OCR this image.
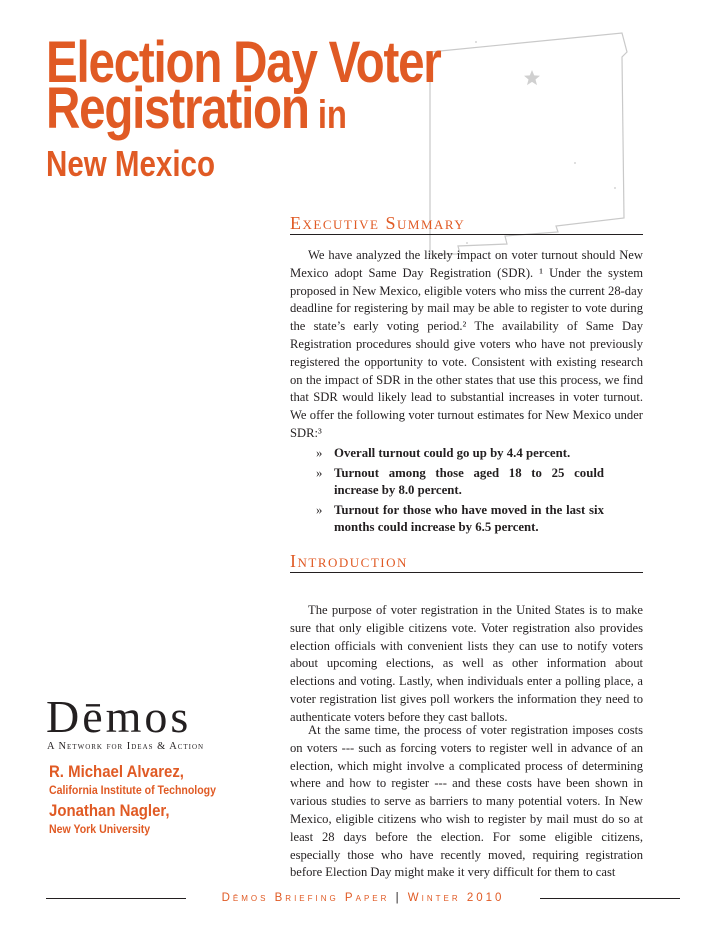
Election Day Voter
Registration in
New Mexico
Executive Summary

We have analyzed the likely impact on voter turnout should New Mexico adopt Same Day Registration (SDR). ¹ Under the system proposed in New Mexico, eligible voters who miss the current 28-day deadline for registering by mail may be able to register to vote during the state’s early voting period.² The availability of Same Day Registration procedures should give voters who have not previously registered the opportunity to vote. Consistent with existing research on the impact of SDR in the other states that use this process, we find that SDR would likely lead to substantial increases in voter turnout. We offer the following voter turnout estimates for New Mexico under SDR:³

» Overall turnout could go up by 4.4 percent.
» Turnout among those aged 18 to 25 could increase by 8.0 percent.
» Turnout for those who have moved in the last six months could increase by 6.5 percent.
Introduction

The purpose of voter registration in the United States is to make sure that only eligible citizens vote. Voter registration also provides election officials with convenient lists they can use to notify voters about upcoming elections, as well as other information about elections and voting. Lastly, when individuals enter a polling place, a voter registration list gives poll workers the information they need to authenticate voters before they cast ballots.

At the same time, the process of voter registration imposes costs on voters --- such as forcing voters to register well in advance of an election, which might involve a complicated process of determining where and how to register --- and these costs have been shown in various studies to serve as barriers to many potential voters. In New Mexico, eligible citizens who wish to register by mail must do so at least 28 days before the election. For some eligible citizens, especially those who have recently moved, requiring registration before Election Day might make it very difficult for them to cast

Dēmos
A Network for Ideas & Action
R. Michael Alvarez,
California Institute of Technology
Jonathan Nagler,
New York University
Dēmos Briefing Paper | Winter 2010
